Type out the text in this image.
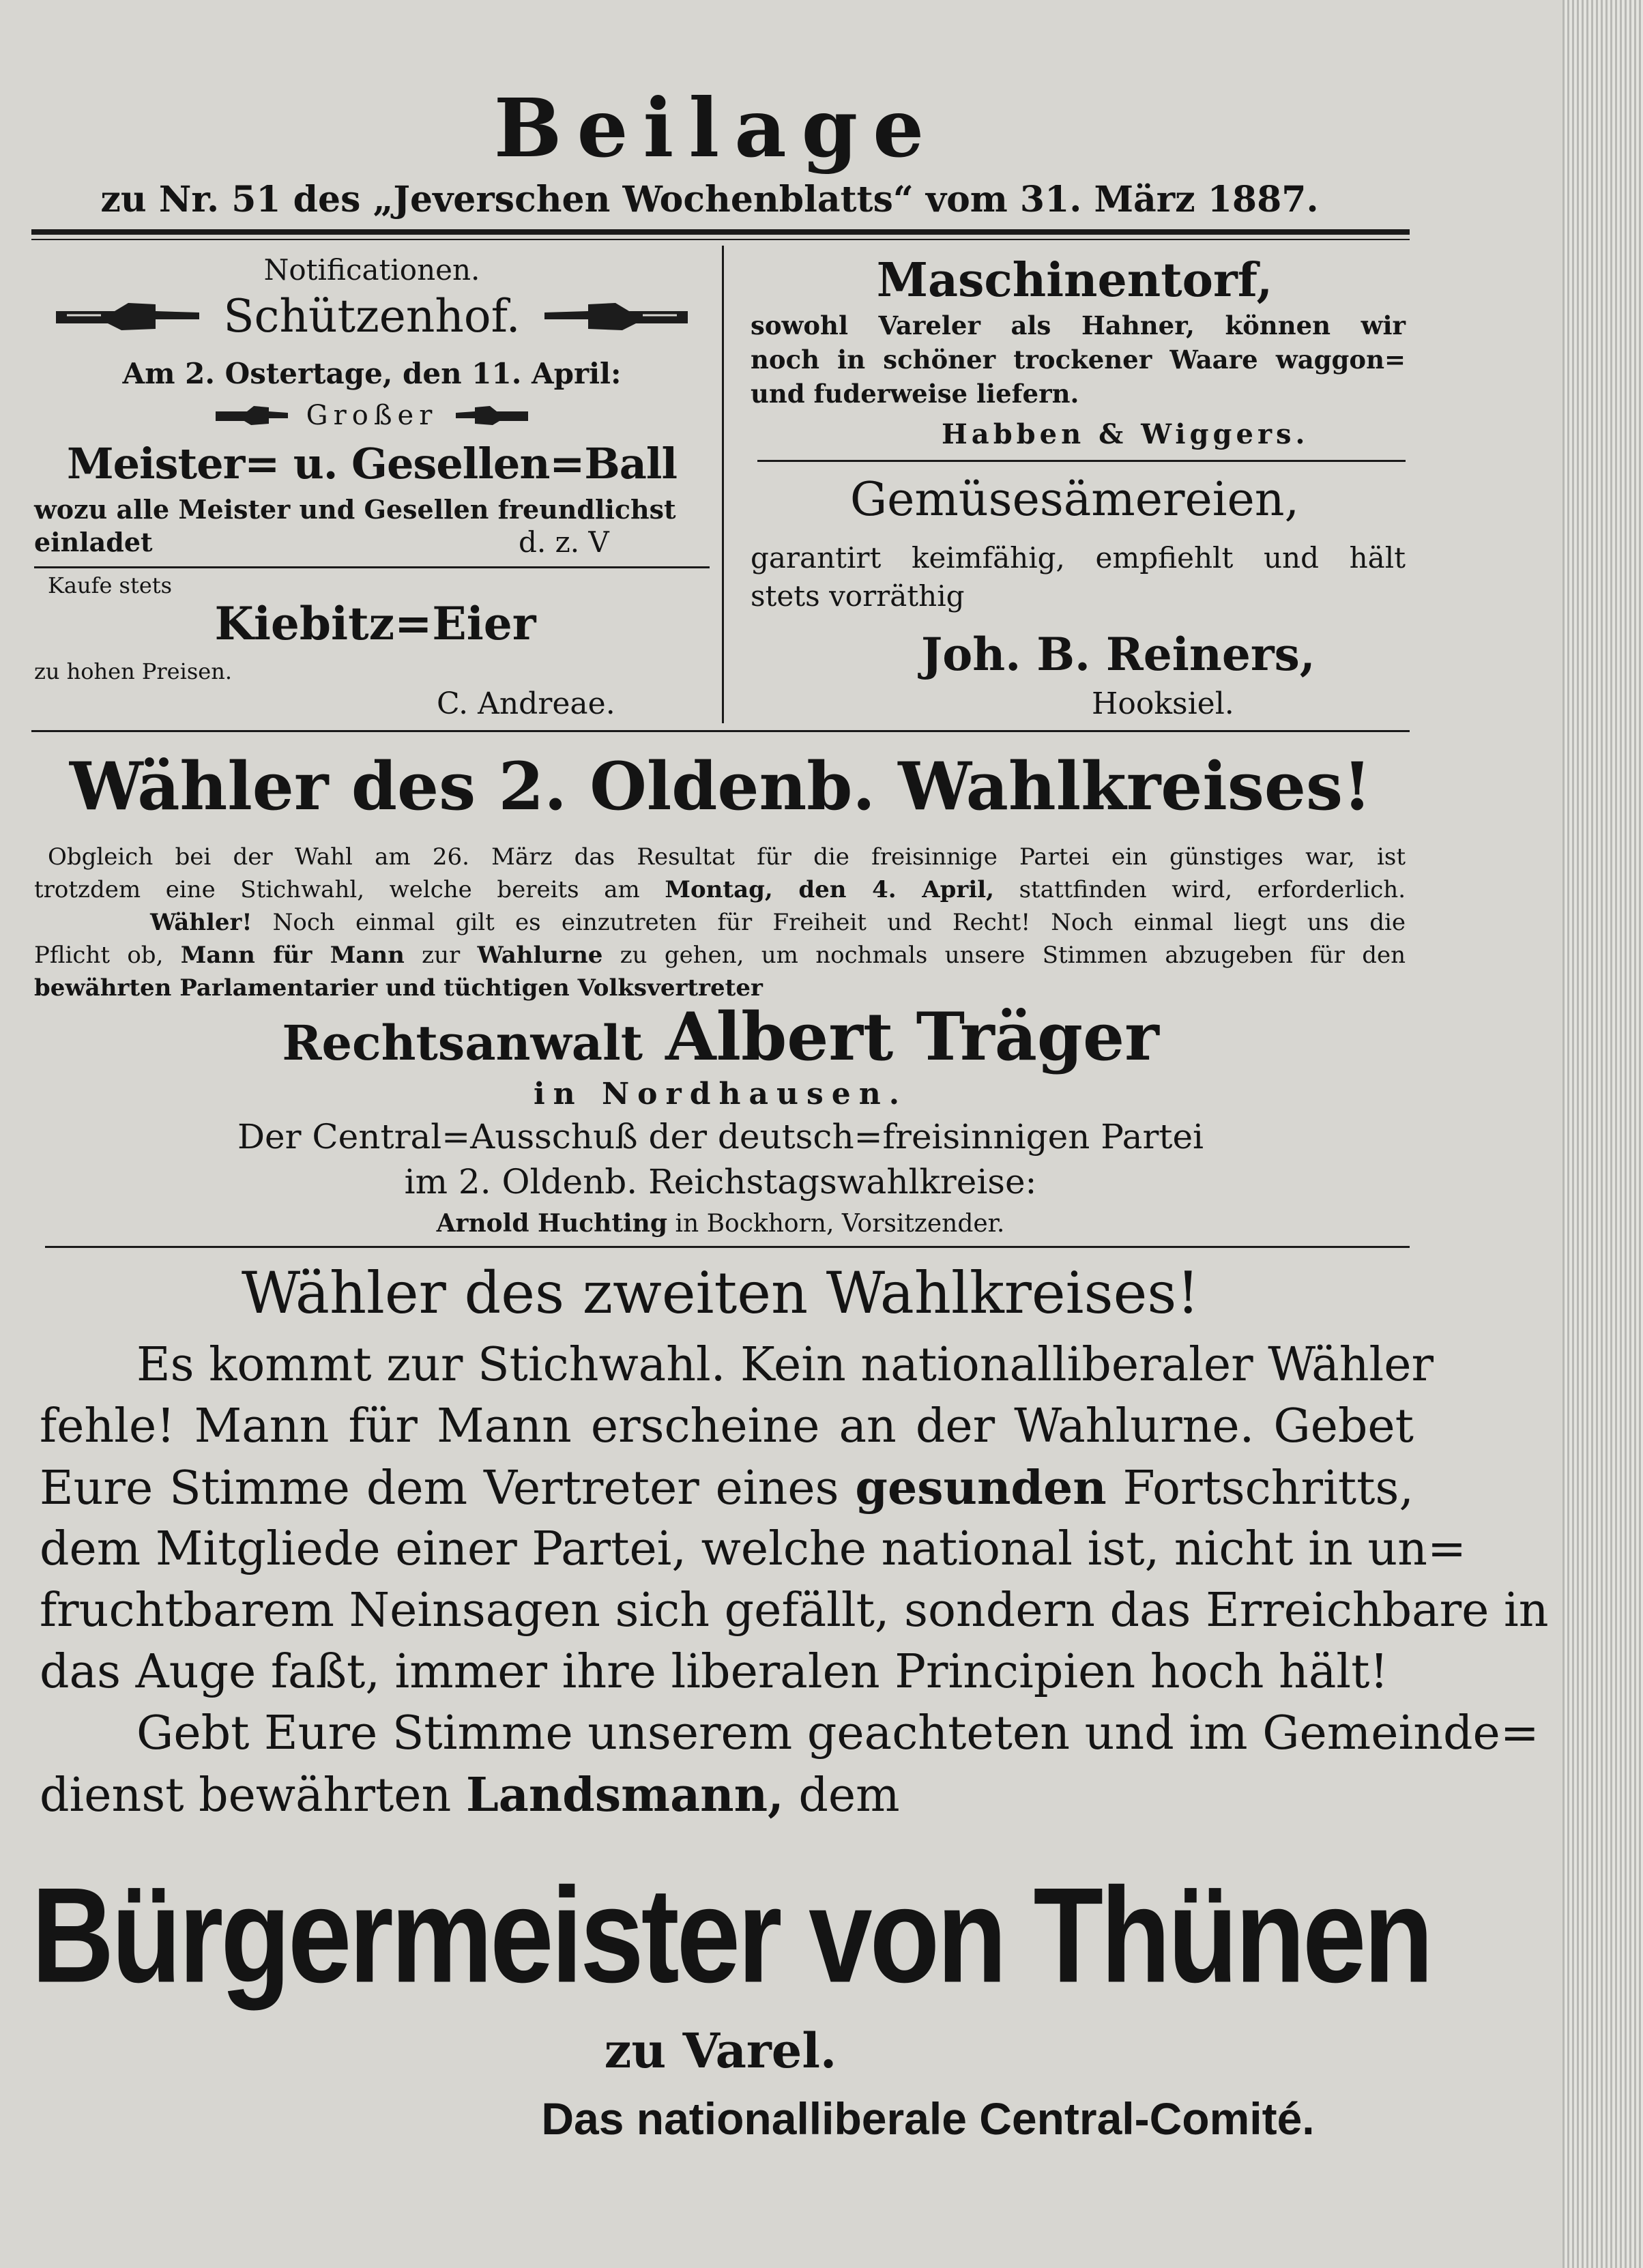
Beilage
zu Nr. 51 des „Jeverschen Wochenblatts“ vom 31. März 1887.
Notificationen.
Schützenhof.
Am 2. Ostertage, den 11. April:
Großer
Meister= u. Gesellen=Ball
wozu alle Meister und Gesellen freundlichst
einladet	d. z. V
Kaufe stets
Kiebitz=Eier
zu hohen Preisen.
C. Andreae.
Maschinentorf,
sowohl Vareler als Hahner, können wir
noch in schöner trockener Waare waggon=
und fuderweise liefern.
Habben & Wiggers.
Gemüsesämereien,
garantirt keimfähig, empfiehlt und hält
stets vorräthig
Joh. B. Reiners,
Hooksiel.
Wähler des 2. Oldenb. Wahlkreises!
Obgleich bei der Wahl am 26. März das Resultat für die freisinnige Partei ein günstiges war, ist
trotzdem eine Stichwahl, welche bereits am Montag, den 4. April, stattfinden wird, erforderlich.
Wähler! Noch einmal gilt es einzutreten für Freiheit und Recht! Noch einmal liegt uns die
Pflicht ob, Mann für Mann zur Wahlurne zu gehen, um nochmals unsere Stimmen abzugeben für den
bewährten Parlamentarier und tüchtigen Volksvertreter
Rechtsanwalt Albert Träger
in Nordhausen.
Der Central=Ausschuß der deutsch=freisinnigen Partei
im 2. Oldenb. Reichstagswahlkreise:
Arnold Huchting in Bockhorn, Vorsitzender.
Wähler des zweiten Wahlkreises!
Es kommt zur Stichwahl. Kein nationalliberaler Wähler
fehle! Mann für Mann erscheine an der Wahlurne. Gebet
Eure Stimme dem Vertreter eines gesunden Fortschritts,
dem Mitgliede einer Partei, welche national ist, nicht in un=
fruchtbarem Neinsagen sich gefällt, sondern das Erreichbare in
das Auge faßt, immer ihre liberalen Principien hoch hält!
Gebt Eure Stimme unserem geachteten und im Gemeinde=
dienst bewährten Landsmann, dem
Bürgermeister von Thünen
zu Varel.
Das nationalliberale Central-Comité.
